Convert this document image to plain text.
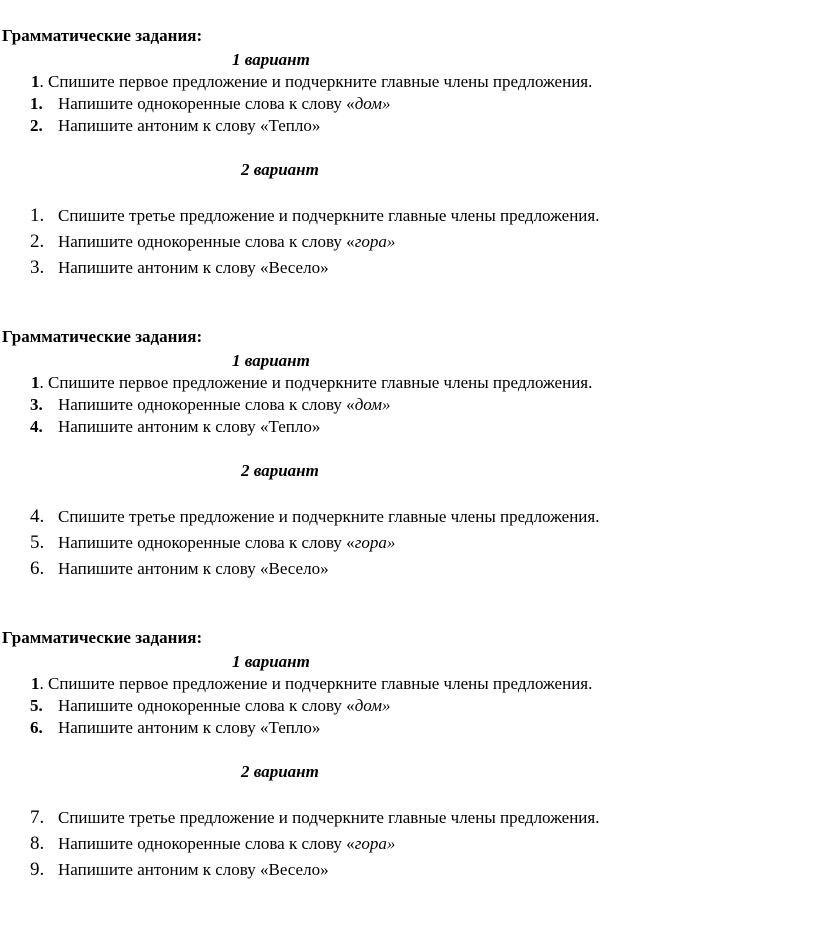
Грамматические задания:
1 вариант
1. Спишите первое предложение и подчеркните главные члены предложения.
1. Напишите однокоренные слова к слову «дом»
2. Напишите антоним к слову «Тепло»
2 вариант
1. Спишите третье предложение и подчеркните главные члены предложения.
2. Напишите однокоренные слова к слову «гора»
3. Напишите антоним к слову «Весело»
Грамматические задания:
1 вариант
1. Спишите первое предложение и подчеркните главные члены предложения.
3. Напишите однокоренные слова к слову «дом»
4. Напишите антоним к слову «Тепло»
2 вариант
4. Спишите третье предложение и подчеркните главные члены предложения.
5. Напишите однокоренные слова к слову «гора»
6. Напишите антоним к слову «Весело»
Грамматические задания:
1 вариант
1. Спишите первое предложение и подчеркните главные члены предложения.
5. Напишите однокоренные слова к слову «дом»
6. Напишите антоним к слову «Тепло»
2 вариант
7. Спишите третье предложение и подчеркните главные члены предложения.
8. Напишите однокоренные слова к слову «гора»
9. Напишите антоним к слову «Весело»
